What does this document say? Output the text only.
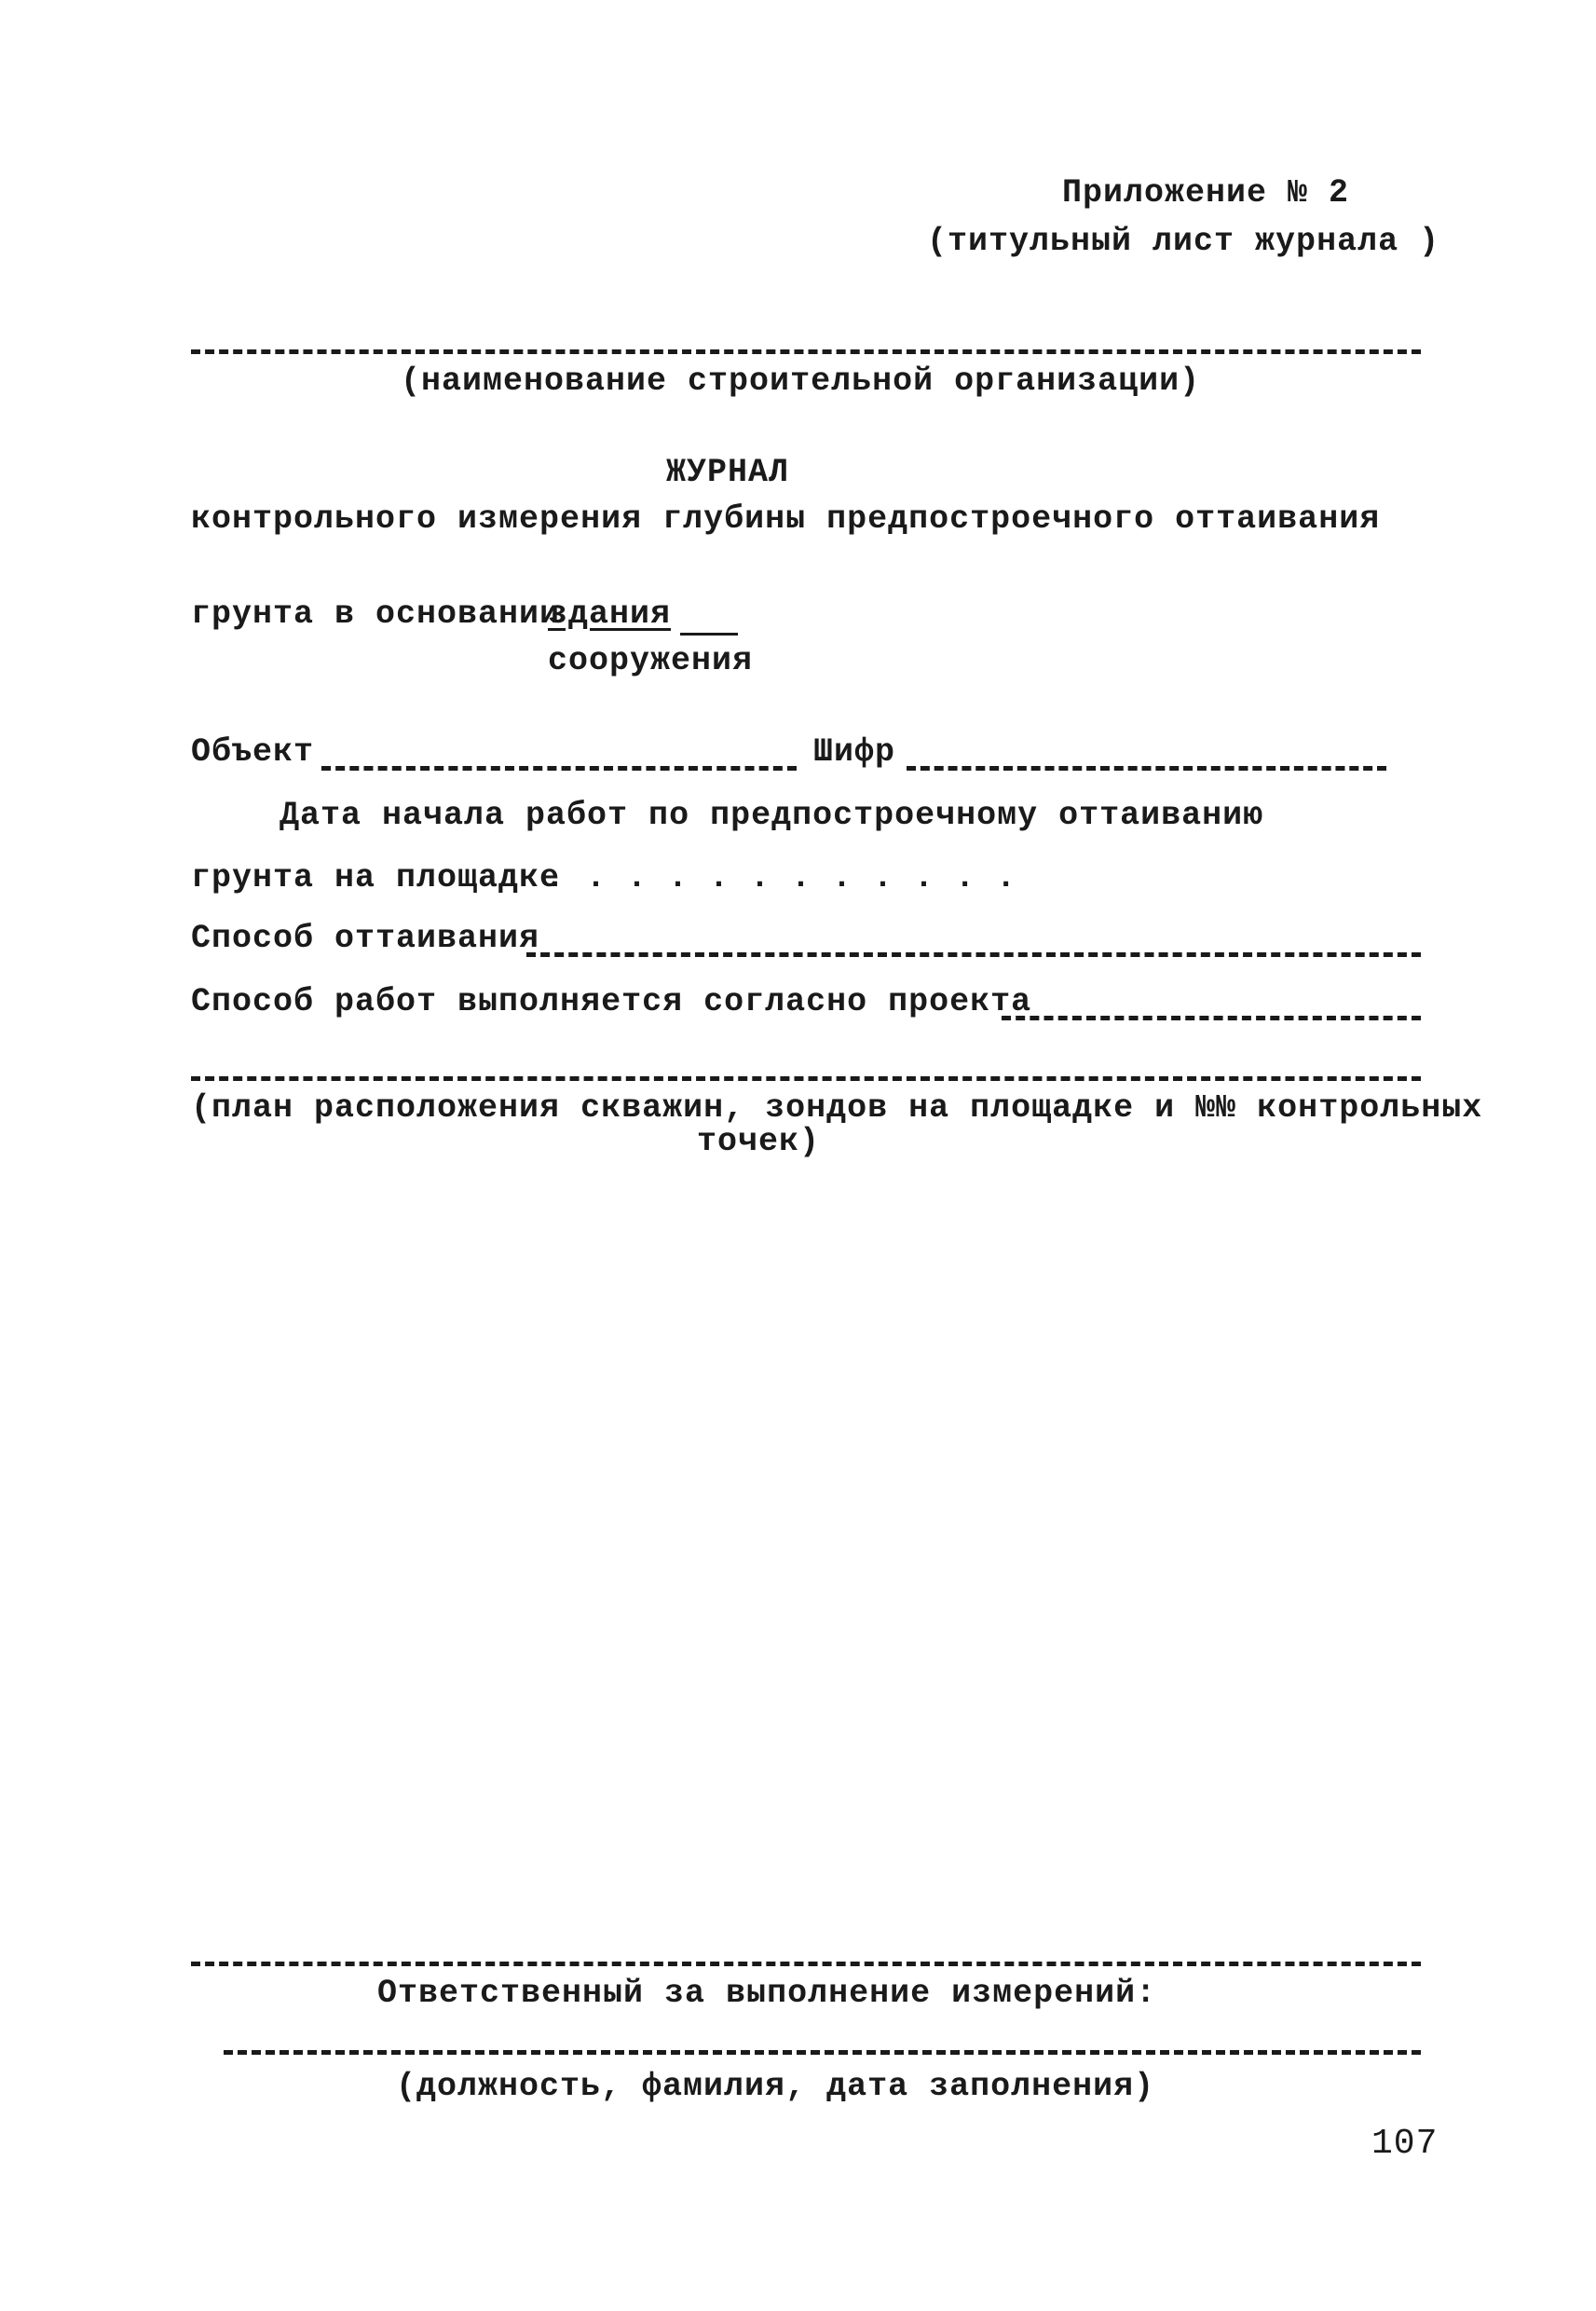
Приложение № 2
(титульный лист журнала )
(наименование строительной организации)
ЖУРНАЛ
контрольного измерения глубины предпостроечного оттаивания
грунта в основании
здания
сооружения
Объект	Шифр
Дата начала работ по предпостроечному оттаиванию
грунта на площадке
. . . . . . . . . . . .
Способ оттаивания
Способ работ выполняется согласно проекта
(план расположения скважин, зондов на площадке и №№ контрольных
точек)
Ответственный за выполнение измерений:
(должность, фамилия, дата заполнения)
107
